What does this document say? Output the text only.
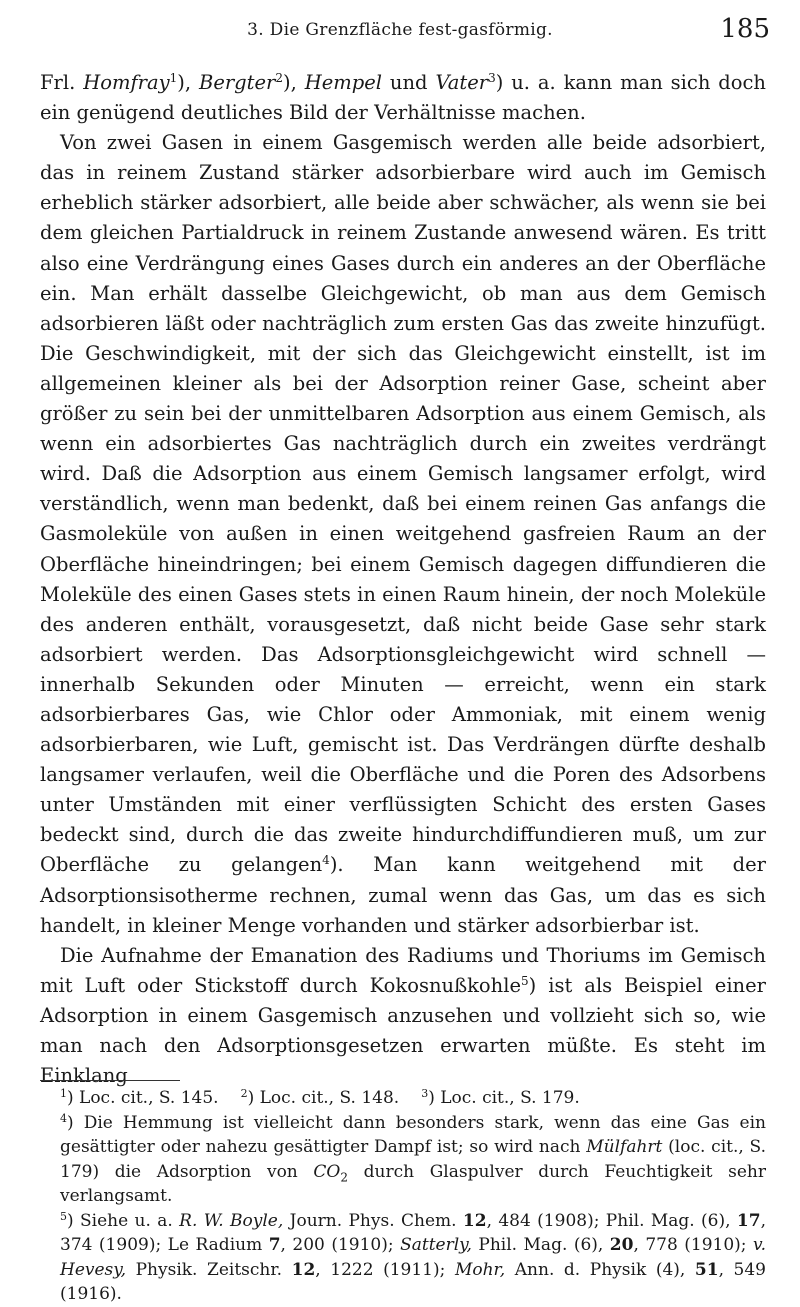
3. Die Grenzfläche fest-gasförmig.	185

Frl. Homfray$^1$), Bergter$^2$), Hempel und Vater$^3$) u. a. kann man sich doch ein genügend deutliches Bild der Verhältnisse machen.

Von zwei Gasen in einem Gasgemisch werden alle beide adsorbiert, das in reinem Zustand stärker adsorbierbare wird auch im Gemisch erheblich stärker adsorbiert, alle beide aber schwächer, als wenn sie bei dem gleichen Partialdruck in reinem Zustande anwesend wären. Es tritt also eine Verdrängung eines Gases durch ein anderes an der Oberfläche ein. Man erhält dasselbe Gleichgewicht, ob man aus dem Gemisch adsorbieren läßt oder nachträglich zum ersten Gas das zweite hinzufügt. Die Geschwindigkeit, mit der sich das Gleichgewicht einstellt, ist im allgemeinen kleiner als bei der Adsorption reiner Gase, scheint aber größer zu sein bei der unmittelbaren Adsorption aus einem Gemisch, als wenn ein adsorbiertes Gas nachträglich durch ein zweites verdrängt wird. Daß die Adsorption aus einem Gemisch langsamer erfolgt, wird verständlich, wenn man bedenkt, daß bei einem reinen Gas anfangs die Gasmoleküle von außen in einen weitgehend gasfreien Raum an der Oberfläche hineindringen; bei einem Gemisch dagegen diffundieren die Moleküle des einen Gases stets in einen Raum hinein, der noch Moleküle des anderen enthält, vorausgesetzt, daß nicht beide Gase sehr stark adsorbiert werden. Das Adsorptionsgleichgewicht wird schnell — innerhalb Sekunden oder Minuten — erreicht, wenn ein stark adsorbierbares Gas, wie Chlor oder Ammoniak, mit einem wenig adsorbierbaren, wie Luft, gemischt ist. Das Verdrängen dürfte deshalb langsamer verlaufen, weil die Oberfläche und die Poren des Adsorbens unter Umständen mit einer verflüssigten Schicht des ersten Gases bedeckt sind, durch die das zweite hindurchdiffundieren muß, um zur Oberfläche zu gelangen$^4$). Man kann weitgehend mit der Adsorptionsisotherme rechnen, zumal wenn das Gas, um das es sich handelt, in kleiner Menge vorhanden und stärker adsorbierbar ist.

Die Aufnahme der Emanation des Radiums und Thoriums im Gemisch mit Luft oder Stickstoff durch Kokosnußkohle$^5$) ist als Beispiel einer Adsorption in einem Gasgemisch anzusehen und vollzieht sich so, wie man nach den Adsorptionsgesetzen erwarten müßte. Es steht im Einklang

$^1$) Loc. cit., S. 145. $^2$) Loc. cit., S. 148. $^3$) Loc. cit., S. 179.

$^4$) Die Hemmung ist vielleicht dann besonders stark, wenn das eine Gas ein gesättigter oder nahezu gesättigter Dampf ist; so wird nach Mülfahrt (loc. cit., S. 179) die Adsorption von $CO_2$ durch Glaspulver durch Feuchtigkeit sehr verlangsamt.

$^5$) Siehe u. a. R. W. Boyle, Journ. Phys. Chem. 12, 484 (1908); Phil. Mag. (6), 17, 374 (1909); Le Radium 7, 200 (1910); Satterly, Phil. Mag. (6), 20, 778 (1910); v. Hevesy, Physik. Zeitschr. 12, 1222 (1911); Mohr, Ann. d. Physik (4), 51, 549 (1916).
